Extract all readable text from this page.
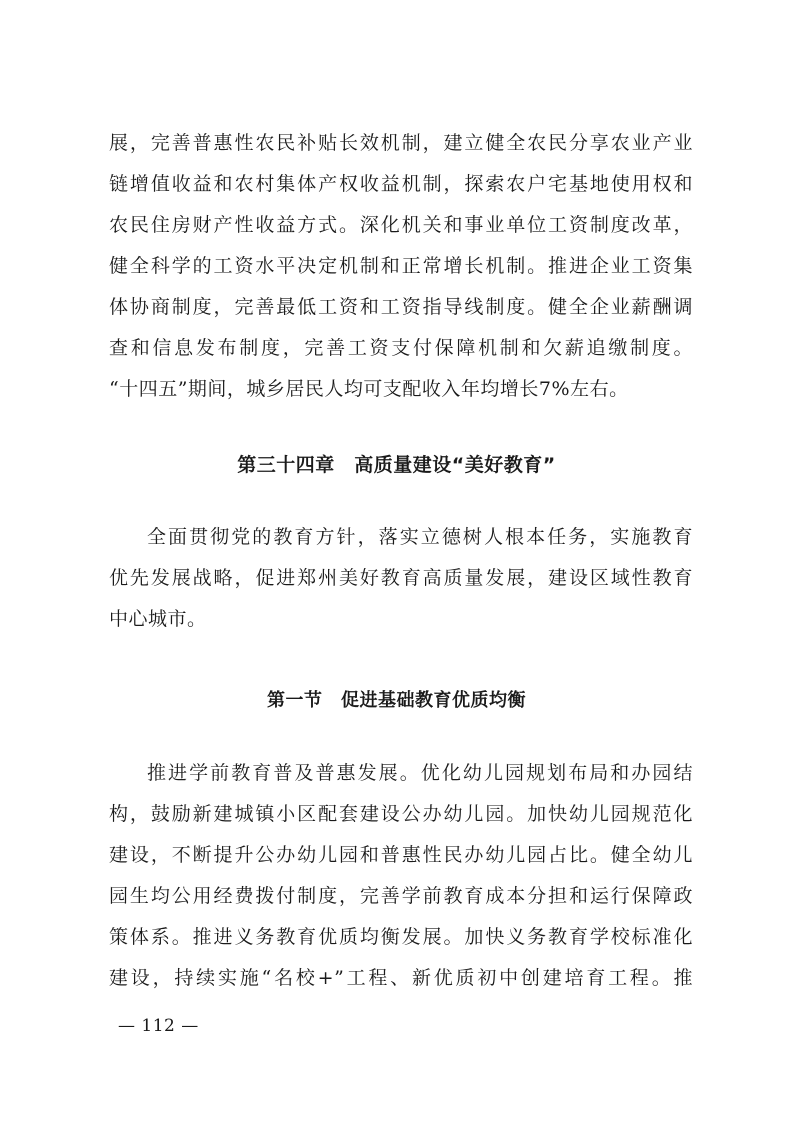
展，完善普惠性农民补贴长效机制，建立健全农民分享农业产业
链增值收益和农村集体产权收益机制，探索农户宅基地使用权和
农民住房财产性收益方式。深化机关和事业单位工资制度改革，
健全科学的工资水平决定机制和正常增长机制。推进企业工资集
体协商制度，完善最低工资和工资指导线制度。健全企业薪酬调
查和信息发布制度，完善工资支付保障机制和欠薪追缴制度。
“十四五”期间，城乡居民人均可支配收入年均增长7%左右。
第三十四章　高质量建设“美好教育”
全面贯彻党的教育方针，落实立德树人根本任务，实施教育
优先发展战略，促进郑州美好教育高质量发展，建设区域性教育
中心城市。
第一节　促进基础教育优质均衡
推进学前教育普及普惠发展。优化幼儿园规划布局和办园结
构，鼓励新建城镇小区配套建设公办幼儿园。加快幼儿园规范化
建设，不断提升公办幼儿园和普惠性民办幼儿园占比。健全幼儿
园生均公用经费拨付制度，完善学前教育成本分担和运行保障政
策体系。推进义务教育优质均衡发展。加快义务教育学校标准化
建设，持续实施“名校+”工程、新优质初中创建培育工程。推
— 112 —
